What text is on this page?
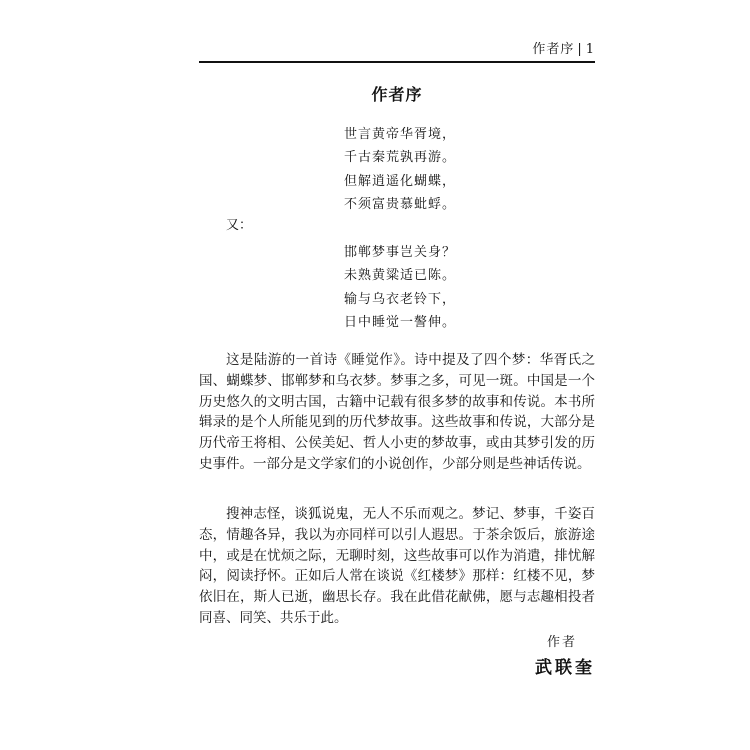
作者序 | 1
作者序
世言黄帝华胥境，
千古秦荒孰再游。
但解逍遥化蝴蝶，
不须富贵慕蚍蜉。
又：
邯郸梦事岂关身？
未熟黄粱适已陈。
输与乌衣老铃下，
日中睡觉一謷伸。

这是陆游的一首诗《睡觉作》。诗中提及了四个梦：华胥氏之国、蝴蝶梦、邯郸梦和乌衣梦。梦事之多，可见一斑。中国是一个历史悠久的文明古国，古籍中记载有很多梦的故事和传说。本书所辑录的是个人所能见到的历代梦故事。这些故事和传说，大部分是历代帝王将相、公侯美妃、哲人小吏的梦故事，或由其梦引发的历史事件。一部分是文学家们的小说创作，少部分则是些神话传说。

搜神志怪，谈狐说鬼，无人不乐而观之。梦记、梦事，千姿百态，情趣各异，我以为亦同样可以引人遐思。于茶余饭后，旅游途中，或是在忧烦之际，无聊时刻，这些故事可以作为消遣，排忧解闷，阅读抒怀。正如后人常在谈说《红楼梦》那样：红楼不见，梦依旧在，斯人已逝，幽思长存。我在此借花献佛，愿与志趣相投者同喜、同笑、共乐于此。

作者
武联奎
